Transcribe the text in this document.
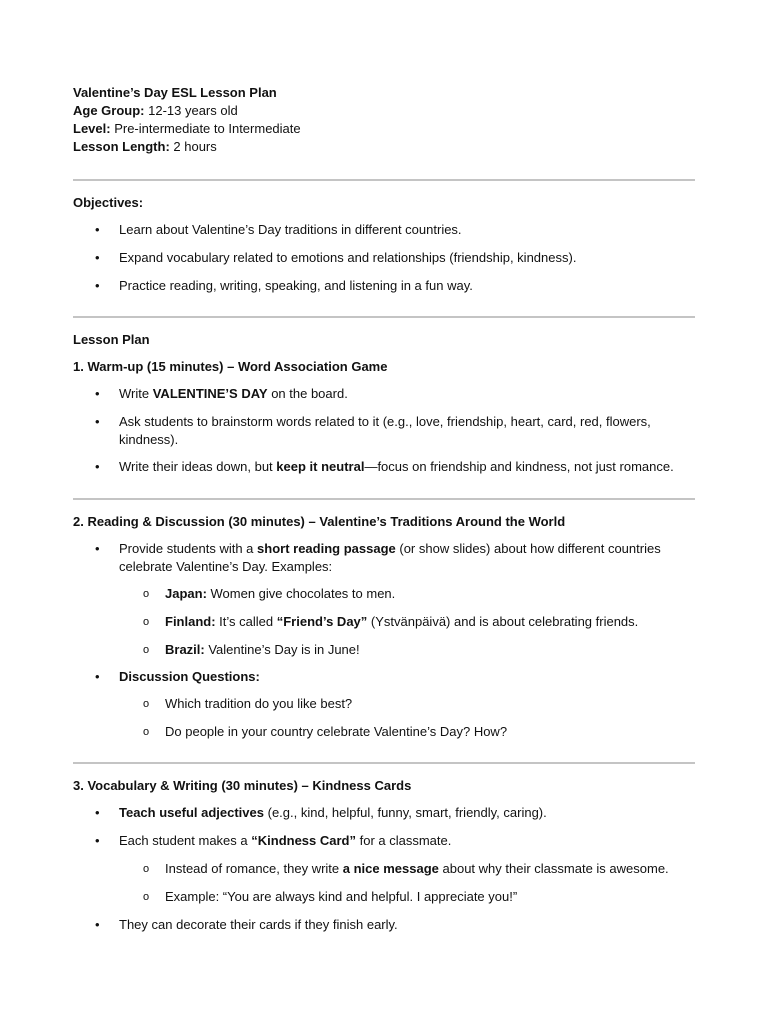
Valentine’s Day ESL Lesson Plan
Age Group: 12-13 years old
Level: Pre-intermediate to Intermediate
Lesson Length: 2 hours
Objectives:
• Learn about Valentine’s Day traditions in different countries.
• Expand vocabulary related to emotions and relationships (friendship, kindness).
• Practice reading, writing, speaking, and listening in a fun way.
Lesson Plan
1. Warm-up (15 minutes) – Word Association Game
• Write VALENTINE’S DAY on the board.
• Ask students to brainstorm words related to it (e.g., love, friendship, heart, card, red, flowers, kindness).
• Write their ideas down, but keep it neutral—focus on friendship and kindness, not just romance.
2. Reading & Discussion (30 minutes) – Valentine’s Traditions Around the World
• Provide students with a short reading passage (or show slides) about how different countries celebrate Valentine’s Day. Examples:
o Japan: Women give chocolates to men.
o Finland: It’s called “Friend’s Day” (Ystvänpäivä) and is about celebrating friends.
o Brazil: Valentine’s Day is in June!
• Discussion Questions:
o Which tradition do you like best?
o Do people in your country celebrate Valentine’s Day? How?
3. Vocabulary & Writing (30 minutes) – Kindness Cards
• Teach useful adjectives (e.g., kind, helpful, funny, smart, friendly, caring).
• Each student makes a “Kindness Card” for a classmate.
o Instead of romance, they write a nice message about why their classmate is awesome.
o Example: “You are always kind and helpful. I appreciate you!”
• They can decorate their cards if they finish early.
